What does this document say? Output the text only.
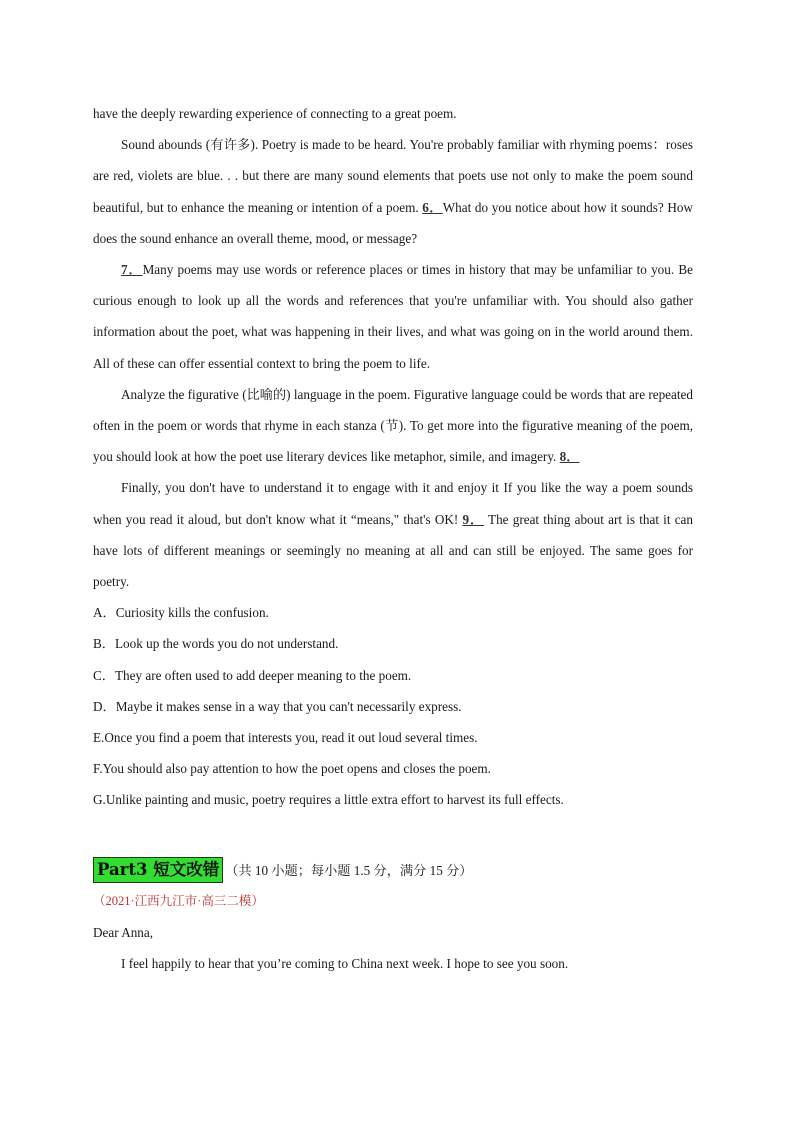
have the deeply rewarding experience of connecting to a great poem.

Sound abounds (有许多). Poetry is made to be heard. You're probably familiar with rhyming poems：roses are red, violets are blue. . . but there are many sound elements that poets use not only to make the poem sound beautiful, but to enhance the meaning or intention of a poem. 6．What do you notice about how it sounds? How does the sound enhance an overall theme, mood, or message?

7．Many poems may use words or reference places or times in history that may be unfamiliar to you. Be curious enough to look up all the words and references that you're unfamiliar with. You should also gather information about the poet, what was happening in their lives, and what was going on in the world around them. All of these can offer essential context to bring the poem to life.

Analyze the figurative (比喻的) language in the poem. Figurative language could be words that are repeated often in the poem or words that rhyme in each stanza (节). To get more into the figurative meaning of the poem, you should look at how the poet use literary devices like metaphor, simile, and imagery. 8．

Finally, you don't have to understand it to engage with it and enjoy it If you like the way a poem sounds when you read it aloud, but don't know what it “means," that's OK! 9． The great thing about art is that it can have lots of different meanings or seemingly no meaning at all and can still be enjoyed. The same goes for poetry.

A．Curiosity kills the confusion.

B．Look up the words you do not understand.

C．They are often used to add deeper meaning to the poem.

D．Maybe it makes sense in a way that you can't necessarily express.

E.Once you find a poem that interests you, read it out loud several times.

F.You should also pay attention to how the poet opens and closes the poem.

G.Unlike painting and music, poetry requires a little extra effort to harvest its full effects.

Part3 短文改错 （共 10 小题；每小题 1.5 分，满分 15 分）

（2021·江西九江市·高三二模）

Dear Anna,

I feel happily to hear that you’re coming to China next week. I hope to see you soon.
